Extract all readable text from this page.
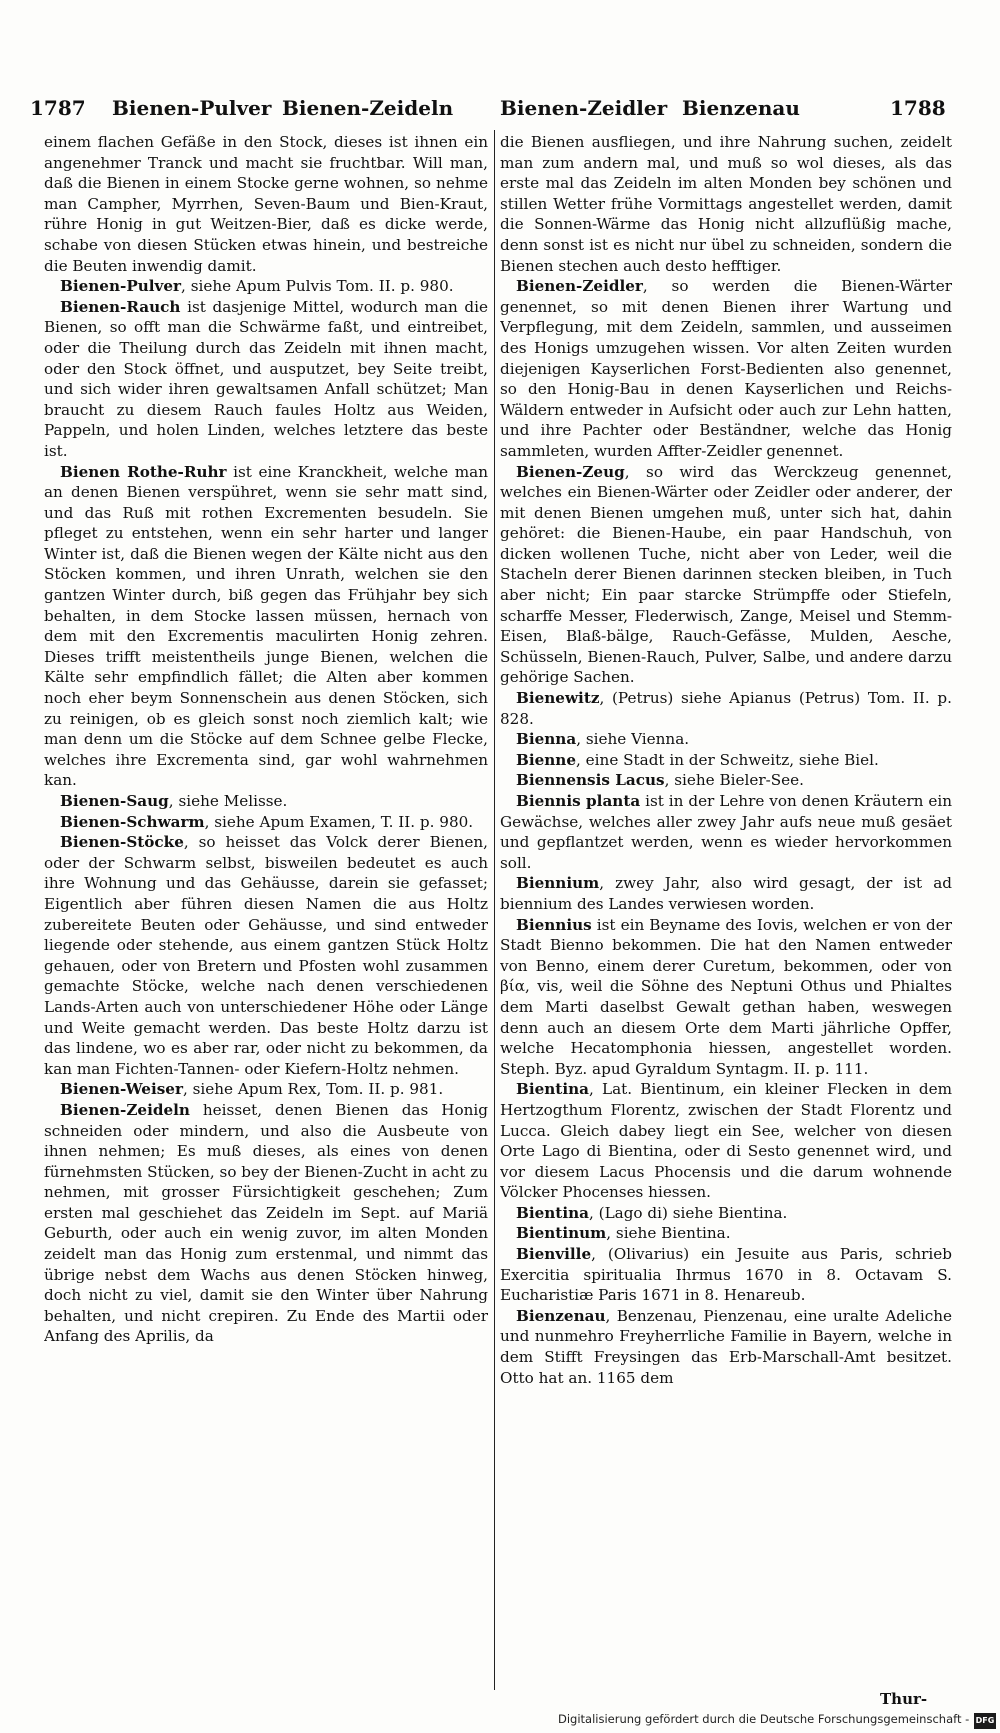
1787 Bienen-Pulver Bienen-Zeideln Bienen-Zeidler Bienzenau	1788

einem flachen Gefäße in den Stock, dieses ist ihnen ein angenehmer Tranck und macht sie fruchtbar. Will man, daß die Bienen in einem Stocke gerne wohnen, so nehme man Campher, Myrrhen, Seven-Baum und Bien-Kraut, rühre Honig in gut Weitzen-Bier, daß es dicke werde, schabe von diesen Stücken etwas hinein, und bestreiche die Beuten inwendig damit.

Bienen-Pulver, siehe Apum Pulvis Tom. II. p. 980.

Bienen-Rauch ist dasjenige Mittel, wodurch man die Bienen, so offt man die Schwärme faßt, und eintreibet, oder die Theilung durch das Zeideln mit ihnen macht, oder den Stock öffnet, und ausputzet, bey Seite treibt, und sich wider ihren gewaltsamen Anfall schützet; Man braucht zu diesem Rauch faules Holtz aus Weiden, Pappeln, und holen Linden, welches letztere das beste ist.

Bienen Rothe-Ruhr ist eine Kranckheit, welche man an denen Bienen verspühret, wenn sie sehr matt sind, und das Ruß mit rothen Excrementen besudeln. Sie pfleget zu entstehen, wenn ein sehr harter und langer Winter ist, daß die Bienen wegen der Kälte nicht aus den Stöcken kommen, und ihren Unrath, welchen sie den gantzen Winter durch, biß gegen das Frühjahr bey sich behalten, in dem Stocke lassen müssen, hernach von dem mit den Excrementis maculirten Honig zehren. Dieses trifft meistentheils junge Bienen, welchen die Kälte sehr empfindlich fället; die Alten aber kommen noch eher beym Sonnenschein aus denen Stöcken, sich zu reinigen, ob es gleich sonst noch ziemlich kalt; wie man denn um die Stöcke auf dem Schnee gelbe Flecke, welches ihre Excrementa sind, gar wohl wahrnehmen kan.

Bienen-Saug, siehe Melisse.

Bienen-Schwarm, siehe Apum Examen, T. II. p. 980.

Bienen-Stöcke, so heisset das Volck derer Bienen, oder der Schwarm selbst, bisweilen bedeutet es auch ihre Wohnung und das Gehäusse, darein sie gefasset; Eigentlich aber führen diesen Namen die aus Holtz zubereitete Beuten oder Gehäusse, und sind entweder liegende oder stehende, aus einem gantzen Stück Holtz gehauen, oder von Bretern und Pfosten wohl zusammen gemachte Stöcke, welche nach denen verschiedenen Lands-Arten auch von unterschiedener Höhe oder Länge und Weite gemacht werden. Das beste Holtz darzu ist das lindene, wo es aber rar, oder nicht zu bekommen, da kan man Fichten-Tannen- oder Kiefern-Holtz nehmen.

Bienen-Weiser, siehe Apum Rex, Tom. II. p. 981.

Bienen-Zeideln heisset, denen Bienen das Honig schneiden oder mindern, und also die Ausbeute von ihnen nehmen; Es muß dieses, als eines von denen fürnehmsten Stücken, so bey der Bienen-Zucht in acht zu nehmen, mit grosser Fürsichtigkeit geschehen; Zum ersten mal geschiehet das Zeideln im Sept. auf Mariä Geburth, oder auch ein wenig zuvor, im alten Monden zeidelt man das Honig zum erstenmal, und nimmt das übrige nebst dem Wachs aus denen Stöcken hinweg, doch nicht zu viel, damit sie den Winter über Nahrung behalten, und nicht crepiren. Zu Ende des Martii oder Anfang des Aprilis, da

die Bienen ausfliegen, und ihre Nahrung suchen, zeidelt man zum andern mal, und muß so wol dieses, als das erste mal das Zeideln im alten Monden bey schönen und stillen Wetter frühe Vormittags angestellet werden, damit die Sonnen-Wärme das Honig nicht allzuflüßig mache, denn sonst ist es nicht nur übel zu schneiden, sondern die Bienen stechen auch desto hefftiger.

Bienen-Zeidler, so werden die Bienen-Wärter genennet, so mit denen Bienen ihrer Wartung und Verpflegung, mit dem Zeideln, sammlen, und ausseimen des Honigs umzugehen wissen. Vor alten Zeiten wurden diejenigen Kayserlichen Forst-Bedienten also genennet, so den Honig-Bau in denen Kayserlichen und Reichs-Wäldern entweder in Aufsicht oder auch zur Lehn hatten, und ihre Pachter oder Beständner, welche das Honig sammleten, wurden Affter-Zeidler genennet.

Bienen-Zeug, so wird das Werckzeug genennet, welches ein Bienen-Wärter oder Zeidler oder anderer, der mit denen Bienen umgehen muß, unter sich hat, dahin gehöret: die Bienen-Haube, ein paar Handschuh, von dicken wollenen Tuche, nicht aber von Leder, weil die Stacheln derer Bienen darinnen stecken bleiben, in Tuch aber nicht; Ein paar starcke Strümpffe oder Stiefeln, scharffe Messer, Flederwisch, Zange, Meisel und Stemm-Eisen, Blaß-bälge, Rauch-Gefässe, Mulden, Aesche, Schüsseln, Bienen-Rauch, Pulver, Salbe, und andere darzu gehörige Sachen.

Bienewitz, (Petrus) siehe Apianus (Petrus) Tom. II. p. 828.

Bienna, siehe Vienna.

Bienne, eine Stadt in der Schweitz, siehe Biel.

Biennensis Lacus, siehe Bieler-See.

Biennis planta ist in der Lehre von denen Kräutern ein Gewächse, welches aller zwey Jahr aufs neue muß gesäet und gepflantzet werden, wenn es wieder hervorkommen soll.

Biennium, zwey Jahr, also wird gesagt, der ist ad biennium des Landes verwiesen worden.

Biennius ist ein Beyname des Iovis, welchen er von der Stadt Bienno bekommen. Die hat den Namen entweder von Benno, einem derer Curetum, bekommen, oder von βία, vis, weil die Söhne des Neptuni Othus und Phialtes dem Marti daselbst Gewalt gethan haben, weswegen denn auch an diesem Orte dem Marti jährliche Opffer, welche Hecatomphonia hiessen, angestellet worden. Steph. Byz. apud Gyraldum Syntagm. II. p. 111.

Bientina, Lat. Bientinum, ein kleiner Flecken in dem Hertzogthum Florentz, zwischen der Stadt Florentz und Lucca. Gleich dabey liegt ein See, welcher von diesen Orte Lago di Bientina, oder di Sesto genennet wird, und vor diesem Lacus Phocensis und die darum wohnende Völcker Phocenses hiessen.

Bientina, (Lago di) siehe Bientina.

Bientinum, siehe Bientina.

Bienville, (Olivarius) ein Jesuite aus Paris, schrieb Exercitia spiritualia Ihrmus 1670 in 8. Octavam S. Eucharistiæ Paris 1671 in 8. Henareub.

Bienzenau, Benzenau, Pienzenau, eine uralte Adeliche und nunmehro Freyherrliche Familie in Bayern, welche in dem Stifft Freysingen das Erb-Marschall-Amt besitzet. Otto hat an. 1165 dem

Thur-
Digitalisierung gefördert durch die Deutsche Forschungsgemeinschaft - DFG
